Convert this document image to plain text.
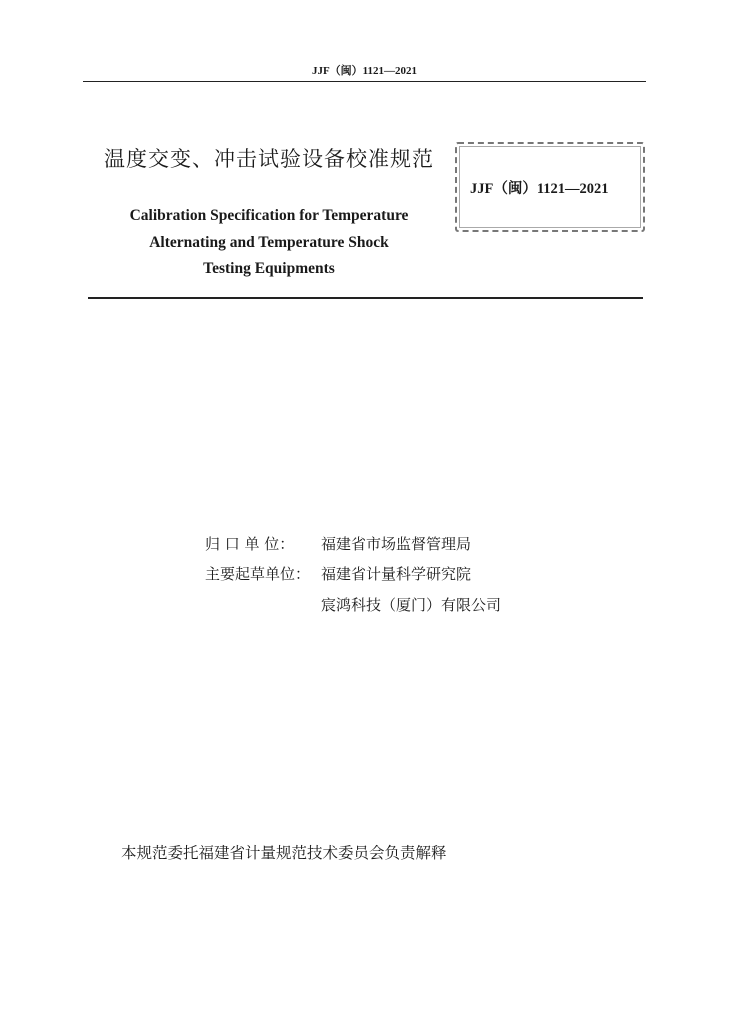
JJF（闽）1121—2021
温度交变、冲击试验设备校准规范
Calibration Specification for Temperature
Alternating and Temperature Shock
Testing Equipments
JJF（闽）1121—2021
归 口 单 位： 福建省市场监督管理局
主要起草单位： 福建省计量科学研究院
宸鸿科技（厦门）有限公司
本规范委托福建省计量规范技术委员会负责解释
